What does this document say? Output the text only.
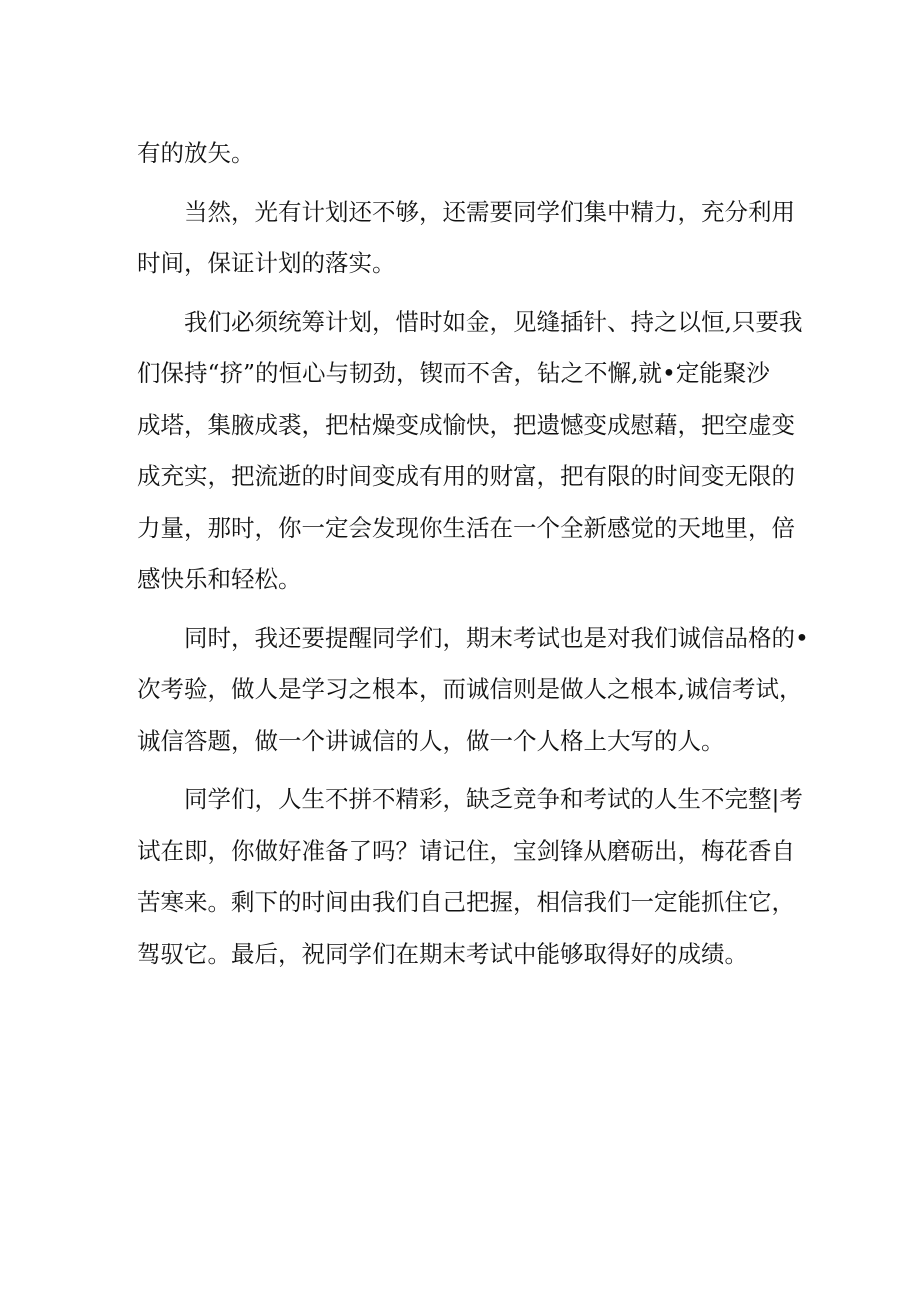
有的放矢。
　　当然，光有计划还不够，还需要同学们集中精力，充分利用
时间，保证计划的落实。
　　我们必须统筹计划，惜时如金，见缝插针、持之以恒,只要我
们保持“挤”的恒心与韧劲，锲而不舍，钻之不懈,就•定能聚沙
成塔，集腋成裘，把枯燥变成愉快，把遗憾变成慰藉，把空虚变
成充实，把流逝的时间变成有用的财富，把有限的时间变无限的
力量，那时，你一定会发现你生活在一个全新感觉的天地里，倍
感快乐和轻松。
　　同时，我还要提醒同学们，期末考试也是对我们诚信品格的•
次考验，做人是学习之根本，而诚信则是做人之根本,诚信考试，
诚信答题，做一个讲诚信的人，做一个人格上大写的人。
　　同学们，人生不拼不精彩，缺乏竞争和考试的人生不完整|考
试在即，你做好准备了吗？请记住，宝剑锋从磨砺出，梅花香自
苦寒来。剩下的时间由我们自己把握，相信我们一定能抓住它，
驾驭它。最后，祝同学们在期末考试中能够取得好的成绩。
